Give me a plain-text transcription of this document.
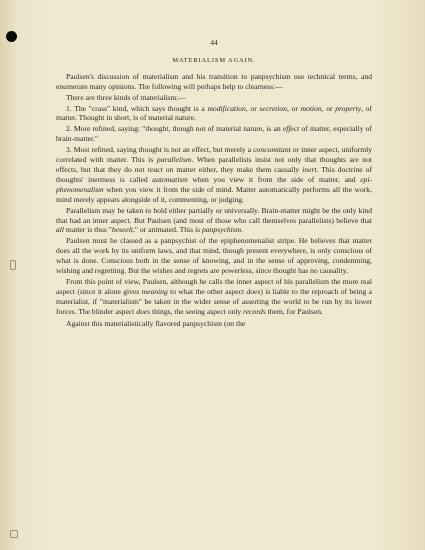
44
MATERIALISM AGAIN.

Paulsen's discussion of materialism and his transition to panpsychism use technical terms, and enumerate many opinions. The following will perhaps help to clearness:—

There are three kinds of materialism:—

1. The "crass" kind, which says thought is a modification, or secretion, or motion, or property, of matter. Thought in short, is of material nature.

2. More refined, saying: "thought, though not of material nature, is an effect of matter, especially of brain-matter."

3. Most refined, saying thought is not an effect, but merely a concomitant or inner aspect, uniformly correlated with matter. This is parallelism. When parallelists insist not only that thoughts are not effects, but that they do not react on matter either, they make them causally inert. This doctrine of thoughts' inertness is called automatism when you view it from the side of matter, and epi-phenomenalism when you view it from the side of mind. Matter automatically performs all the work, mind merely appears alongside of it, commenting, or judging.

Parallelism may be taken to hold either partially or universally. Brain-matter might be the only kind that had an inner aspect. But Paulsen (and most of those who call themselves parallelists) believe that all matter is thus "beseelt," or animated. This is panpsychism.

Paulsen must be classed as a panpsychist of the epiphenomenalist stripe. He believes that matter does all the work by its uniform laws, and that mind, though present everywhere, is only conscious of what is done. Conscious both in the sense of knowing, and in the sense of approving, condemning, wishing and regretting. But the wishes and regrets are powerless, since thought has no causality.

From this point of view, Paulsen, although he calls the inner aspect of his parallelism the more real aspect (since it alone gives meaning to what the other aspect does) is liable to the reproach of being a materialist, if "materialism" be taken in the wider sense of asserting the world to be run by its lower forces. The blinder aspect does things, the seeing aspect only records them, for Paulsen.

Against this materialistically flavored panpsychism (on the
